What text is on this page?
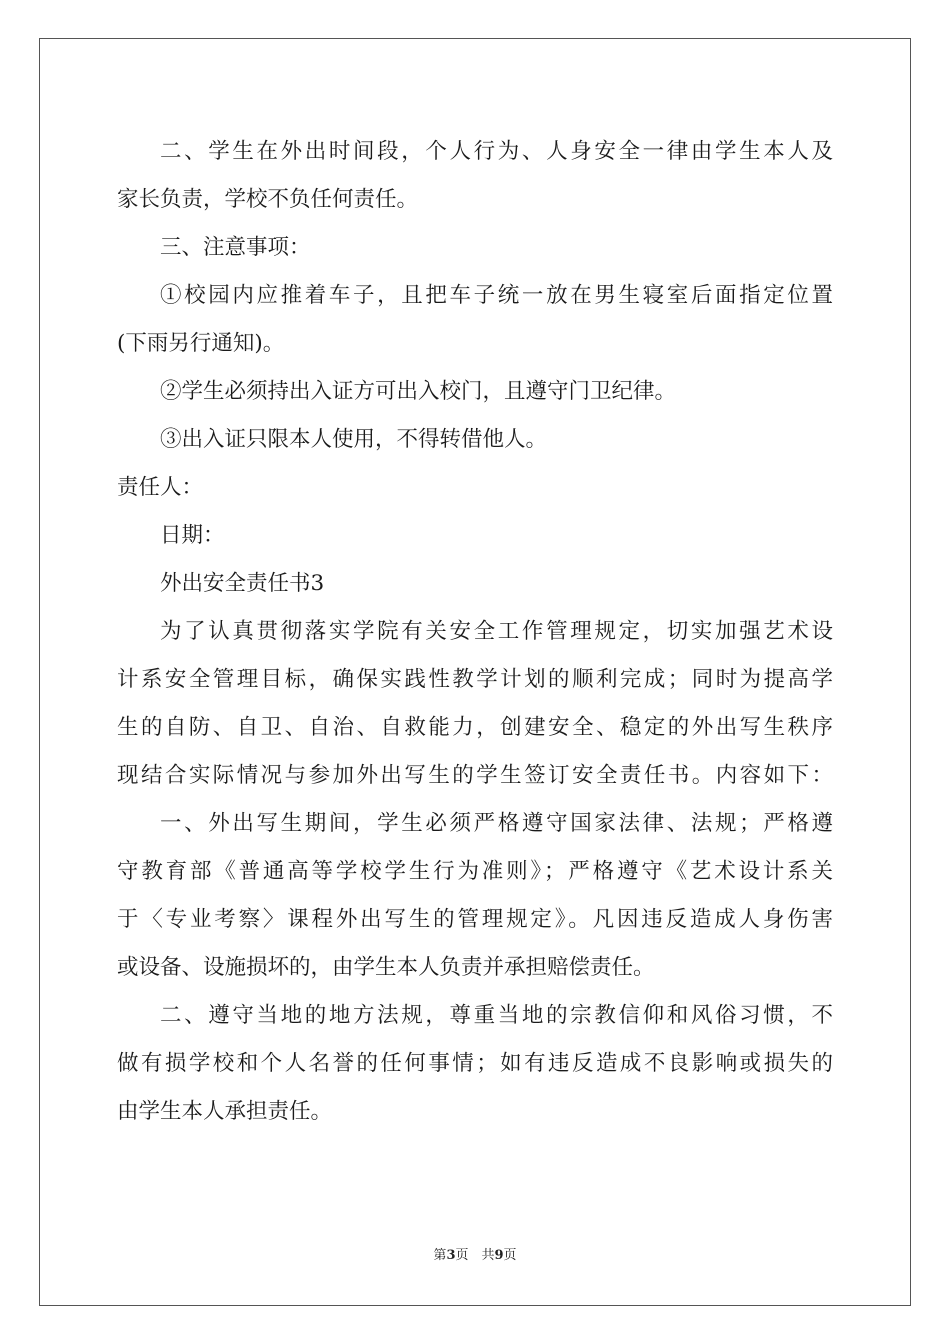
二、学生在外出时间段，个人行为、人身安全一律由学生本人及
家长负责，学校不负任何责任。
三、注意事项：
①校园内应推着车子，且把车子统一放在男生寝室后面指定位置
(下雨另行通知)。
②学生必须持出入证方可出入校门，且遵守门卫纪律。
③出入证只限本人使用，不得转借他人。
责任人：
日期：
外出安全责任书3
为了认真贯彻落实学院有关安全工作管理规定，切实加强艺术设
计系安全管理目标，确保实践性教学计划的顺利完成；同时为提高学
生的自防、自卫、自治、自救能力，创建安全、稳定的外出写生秩序
现结合实际情况与参加外出写生的学生签订安全责任书。内容如下：
一、外出写生期间，学生必须严格遵守国家法律、法规；严格遵
守教育部《普通高等学校学生行为准则》；严格遵守《艺术设计系关
于〈专业考察〉课程外出写生的管理规定》。凡因违反造成人身伤害
或设备、设施损坏的，由学生本人负责并承担赔偿责任。
二、遵守当地的地方法规，尊重当地的宗教信仰和风俗习惯，不
做有损学校和个人名誉的任何事情；如有违反造成不良影响或损失的
由学生本人承担责任。
第3页　共9页
